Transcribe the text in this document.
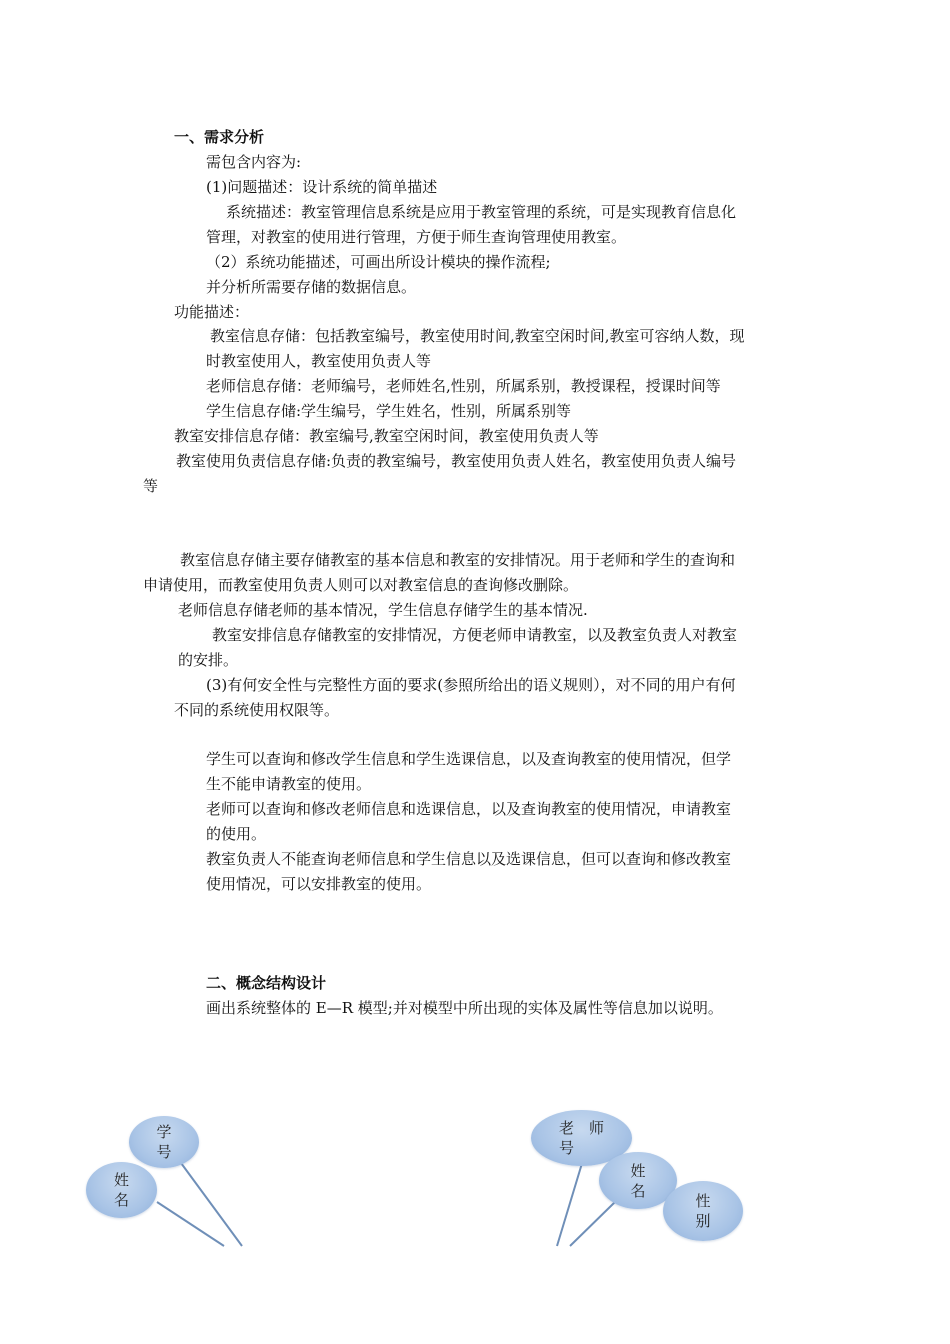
一、需求分析
需包含内容为:
(1)问题描述：设计系统的简单描述
系统描述：教室管理信息系统是应用于教室管理的系统，可是实现教育信息化
管理，对教室的使用进行管理，方便于师生查询管理使用教室。
（2）系统功能描述，可画出所设计模块的操作流程;
并分析所需要存储的数据信息。
功能描述：
教室信息存储：包括教室编号，教室使用时间,教室空闲时间,教室可容纳人数，现
时教室使用人，教室使用负责人等
老师信息存储：老师编号，老师姓名,性别，所属系别，教授课程，授课时间等
学生信息存储:学生编号，学生姓名，性别，所属系别等
教室安排信息存储：教室编号,教室空闲时间，教室使用负责人等
教室使用负责信息存储:负责的教室编号，教室使用负责人姓名，教室使用负责人编号
等
教室信息存储主要存储教室的基本信息和教室的安排情况。用于老师和学生的查询和
申请使用，而教室使用负责人则可以对教室信息的查询修改删除。
老师信息存储老师的基本情况，学生信息存储学生的基本情况.
教室安排信息存储教室的安排情况，方便老师申请教室，以及教室负责人对教室
的安排。
(3)有何安全性与完整性方面的要求(参照所给出的语义规则），对不同的用户有何
不同的系统使用权限等。
学生可以查询和修改学生信息和学生选课信息，以及查询教室的使用情况，但学
生不能申请教室的使用。
老师可以查询和修改老师信息和选课信息，以及查询教室的使用情况，申请教室
的使用。
教室负责人不能查询老师信息和学生信息以及选课信息，但可以查询和修改教室
使用情况，可以安排教室的使用。
二、概念结构设计
画出系统整体的 E—R 模型;并对模型中所出现的实体及属性等信息加以说明。
学
号
姓
名
老　师
号
姓
名
性
别
